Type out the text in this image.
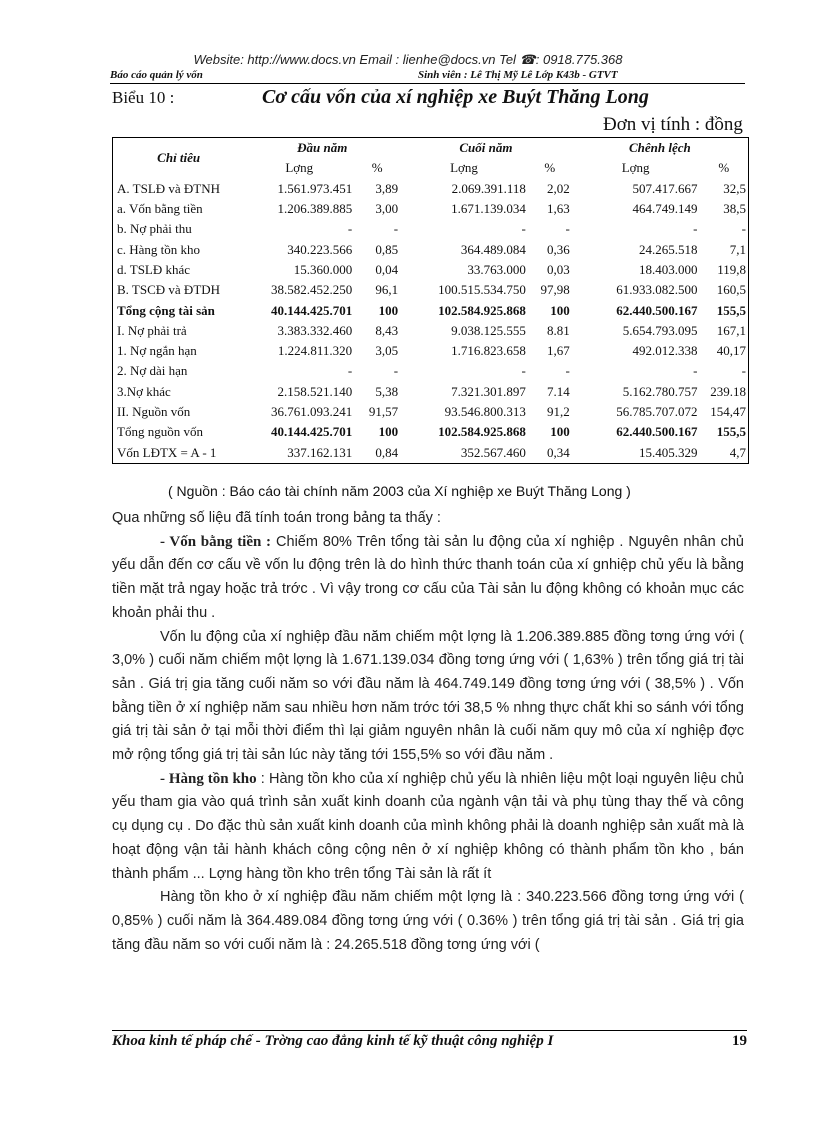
Website: http://www.docs.vn Email : lienhe@docs.vn Tel ☎: 0918.775.368
Báo cáo quản lý vốn	Sinh viên : Lê Thị Mỹ Lê Lớp K43b - GTVT
Biểu 10 :	Cơ cấu vốn của xí nghiệp xe Buýt Thăng Long
Đơn vị tính : đồng
Chỉ tiêu	Đầu năm		Cuối năm		Chênh lệch	
	Lợng	%	Lợng	%	Lợng	%
A. TSLĐ và ĐTNH	1.561.973.451	3,89	2.069.391.118	2,02	507.417.667	32,5
a. Vốn bằng tiền	1.206.389.885	3,00	1.671.139.034	1,63	464.749.149	38,5
b. Nợ phải thu	-	-	-	-	-	-
c. Hàng tồn kho	340.223.566	0,85	364.489.084	0,36	24.265.518	7,1
d. TSLĐ khác	15.360.000	0,04	33.763.000	0,03	18.403.000	119,8
B. TSCĐ và ĐTDH	38.582.452.250	96,1	100.515.534.750	97,98	61.933.082.500	160,5
Tổng cộng tài sản	40.144.425.701	100	102.584.925.868	100	62.440.500.167	155,5
I. Nợ phải trả	3.383.332.460	8,43	9.038.125.555	8.81	5.654.793.095	167,1
1. Nợ ngắn hạn	1.224.811.320	3,05	1.716.823.658	1,67	492.012.338	40,17
2. Nợ dài hạn	-	-	-	-	-	-
3.Nợ khác	2.158.521.140	5,38	7.321.301.897	7.14	5.162.780.757	239.18
II. Nguồn vốn	36.761.093.241	91,57	93.546.800.313	91,2	56.785.707.072	154,47
Tổng nguồn vốn	40.144.425.701	100	102.584.925.868	100	62.440.500.167	155,5
Vốn LĐTX = A - 1	337.162.131	0,84	352.567.460	0,34	15.405.329	4,7
( Nguồn : Báo cáo tài chính năm 2003 của Xí nghiệp xe Buýt Thăng Long )

Qua những số liệu đã tính toán trong bảng ta thấy :

- Vốn bằng tiền : Chiếm 80% Trên tổng tài sản lu động của xí nghiệp . Nguyên nhân chủ yếu dẫn đến cơ cấu về vốn lu động trên là do hình thức thanh toán của xí gnhiệp chủ yếu là bằng tiền mặt trả ngay hoặc trả trớc . Vì vậy trong cơ cấu của Tài sản lu động không có khoản mục các khoản phải thu .

Vốn lu động của xí nghiệp đầu năm chiếm một lợng là 1.206.389.885 đồng tơng ứng với ( 3,0% ) cuối năm chiếm một lợng là 1.671.139.034 đồng tơng ứng với ( 1,63% ) trên tổng giá trị tài sản . Giá trị gia tăng cuối năm so với đầu năm là 464.749.149 đồng tơng ứng với ( 38,5% ) . Vốn bằng tiền ở xí nghiệp năm sau nhiều hơn năm trớc tới 38,5 % nhng thực chất khi so sánh với tổng giá trị tài sản ở tại mỗi thời điểm thì lại giảm nguyên nhân là cuối năm quy mô của xí nghiệp đợc mở rộng tổng giá trị tài sản lúc này tăng tới 155,5% so với đầu năm .

- Hàng tồn kho : Hàng tồn kho của xí nghiệp chủ yếu là nhiên liệu một loại nguyên liệu chủ yếu tham gia vào quá trình sản xuất kinh doanh của ngành vận tải và phụ tùng thay thế và công cụ dụng cụ . Do đặc thù sản xuất kinh doanh của mình không phải là doanh nghiệp sản xuất mà là hoạt động vận tải hành khách công cộng nên ở xí nghiệp không có thành phẩm tồn kho , bán thành phẩm ... Lợng hàng tồn kho trên tổng Tài sản là rất ít

Hàng tồn kho ở xí nghiệp đầu năm chiếm một lợng là : 340.223.566 đồng tơng ứng với ( 0,85% ) cuối năm là 364.489.084 đồng tơng ứng với ( 0.36% ) trên tổng giá trị tài sản . Giá trị gia tăng đầu năm so với cuối năm là : 24.265.518 đồng tơng ứng với (

Khoa kinh tế pháp chế - Trờng cao đẳng kinh tế kỹ thuật công nghiệp I	19
